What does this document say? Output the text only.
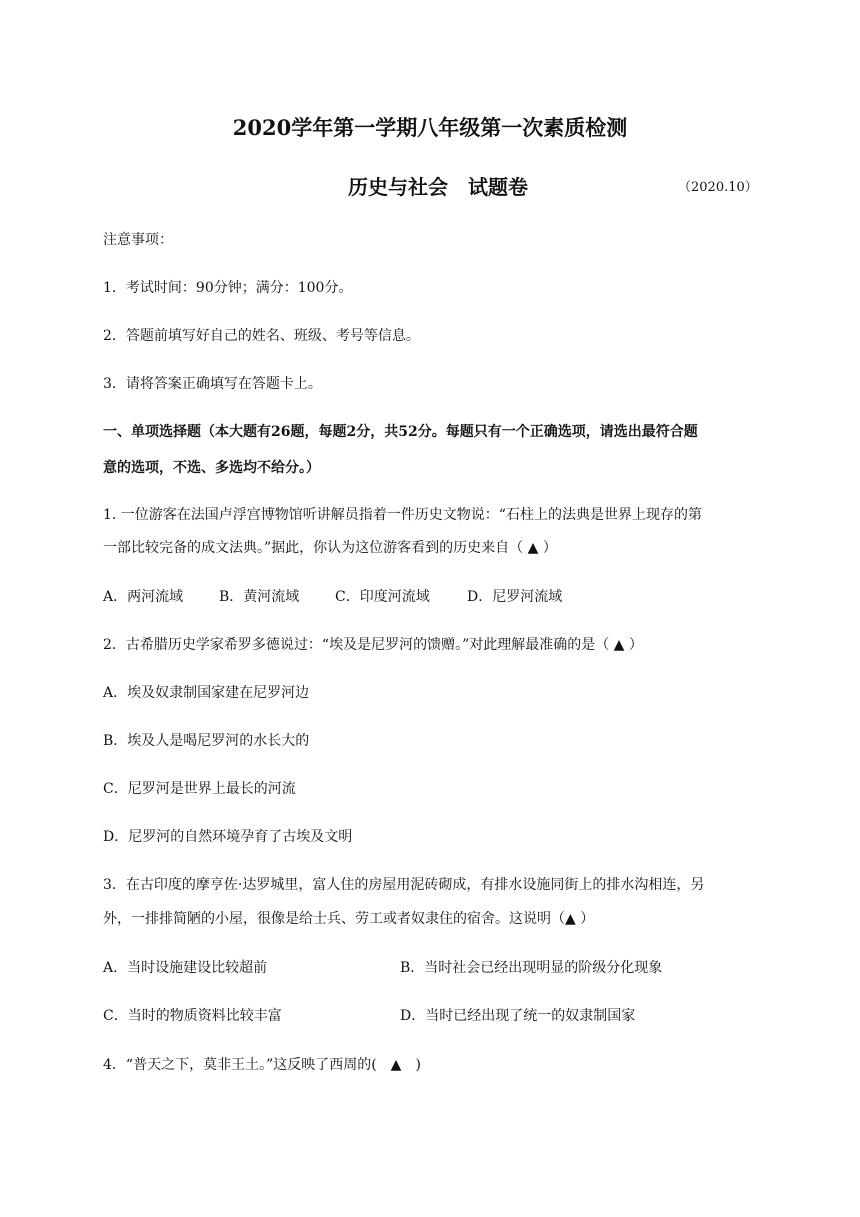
2020学年第一学期八年级第一次素质检测
历史与社会　试题卷	（2020.10）
注意事项：
1．考试时间：90分钟；满分：100分。
2．答题前填写好自己的姓名、班级、考号等信息。
3．请将答案正确填写在答题卡上。
一、单项选择题（本大题有26题，每题2分，共52分。每题只有一个正确选项，请选出最符合题
意的选项，不选、多选均不给分。）
1. 一位游客在法国卢浮宫博物馆听讲解员指着一件历史文物说：“石柱上的法典是世界上现存的第
一部比较完备的成文法典。”据此，你认为这位游客看到的历史来自（ ▲ ）
A．两河流域	B．黄河流域	C．印度河流域	D．尼罗河流域
2．古希腊历史学家希罗多德说过：“埃及是尼罗河的馈赠。”对此理解最准确的是（ ▲ ）
A．埃及奴隶制国家建在尼罗河边
B．埃及人是喝尼罗河的水长大的
C．尼罗河是世界上最长的河流
D．尼罗河的自然环境孕育了古埃及文明
3．在古印度的摩亨佐·达罗城里，富人住的房屋用泥砖砌成，有排水设施同街上的排水沟相连，另
外，一排排简陋的小屋，很像是给士兵、劳工或者奴隶住的宿舍。这说明（▲ ）
A．当时设施建设比较超前	B．当时社会已经出现明显的阶级分化现象
C．当时的物质资料比较丰富	D．当时已经出现了统一的奴隶制国家
4．“普天之下，莫非王土。”这反映了西周的(　▲　)
